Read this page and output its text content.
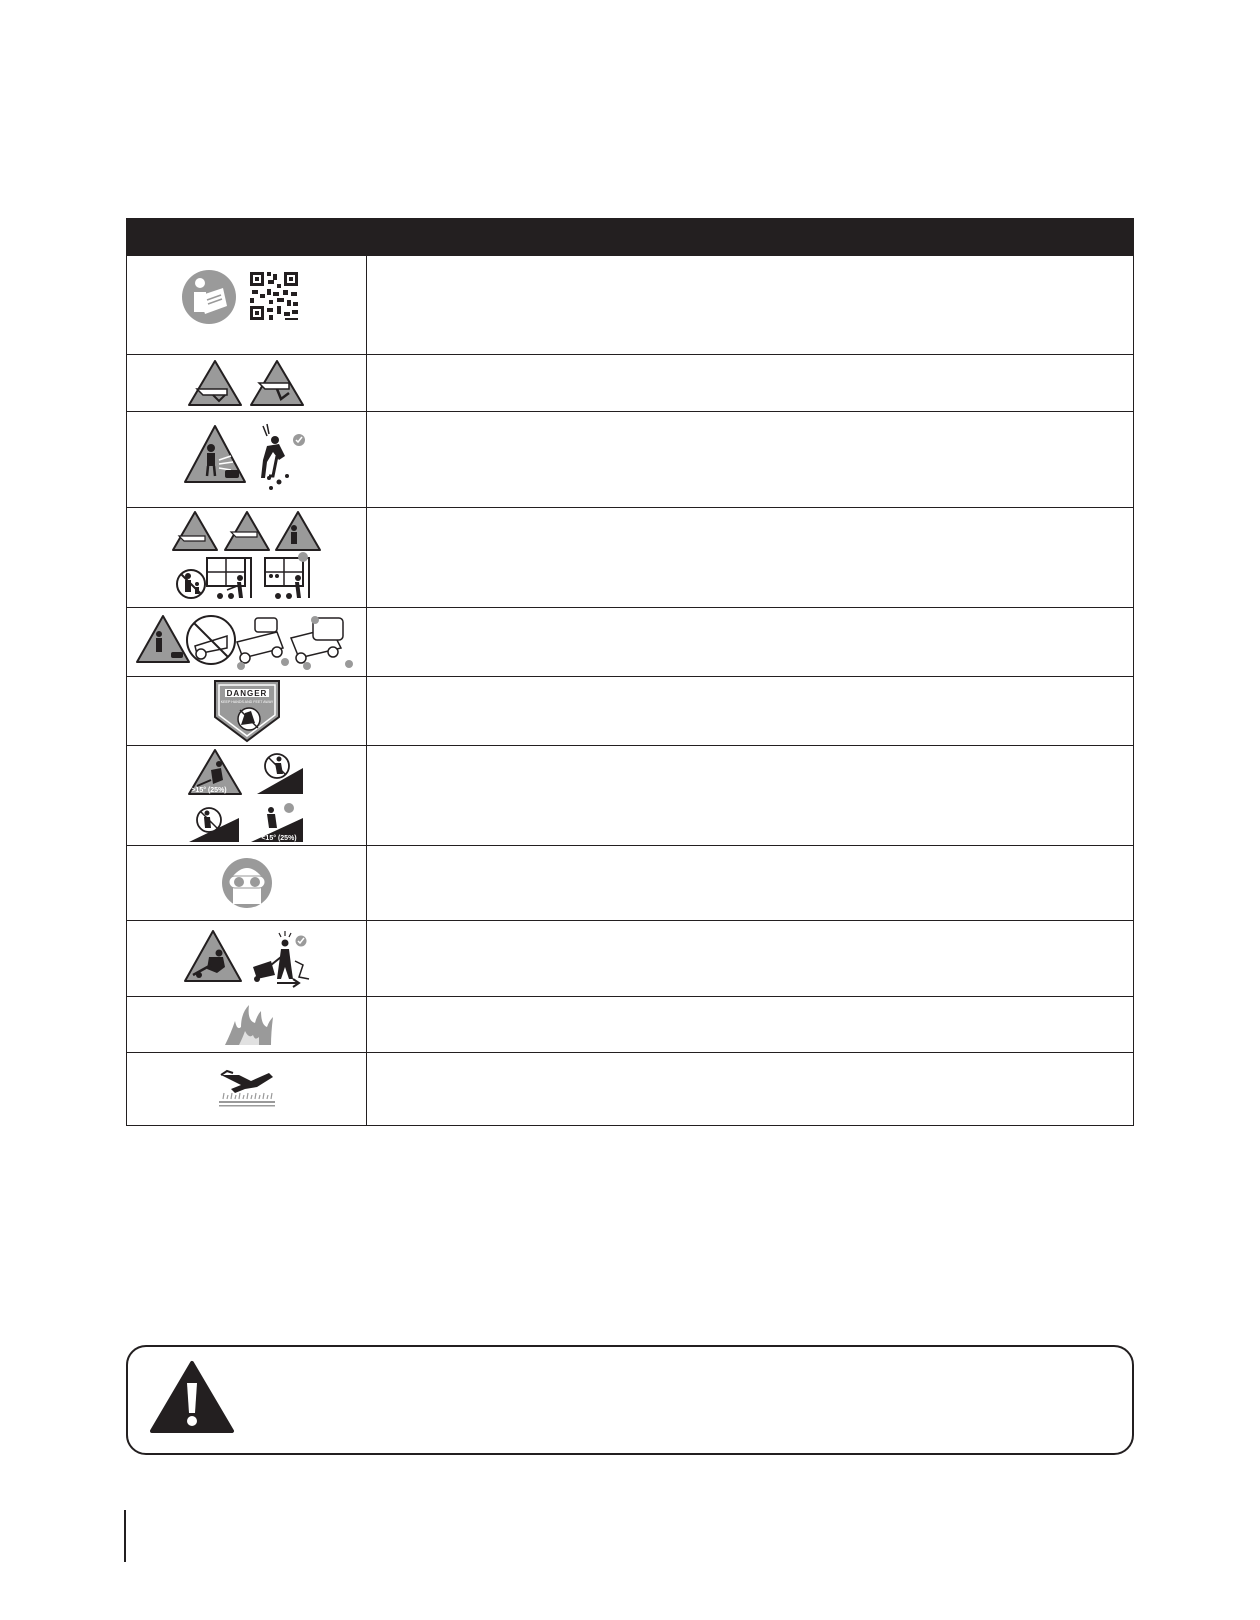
DANGER
KEEP HANDS AND FEET AWAY
>15° (25%)
<15° (25%)
